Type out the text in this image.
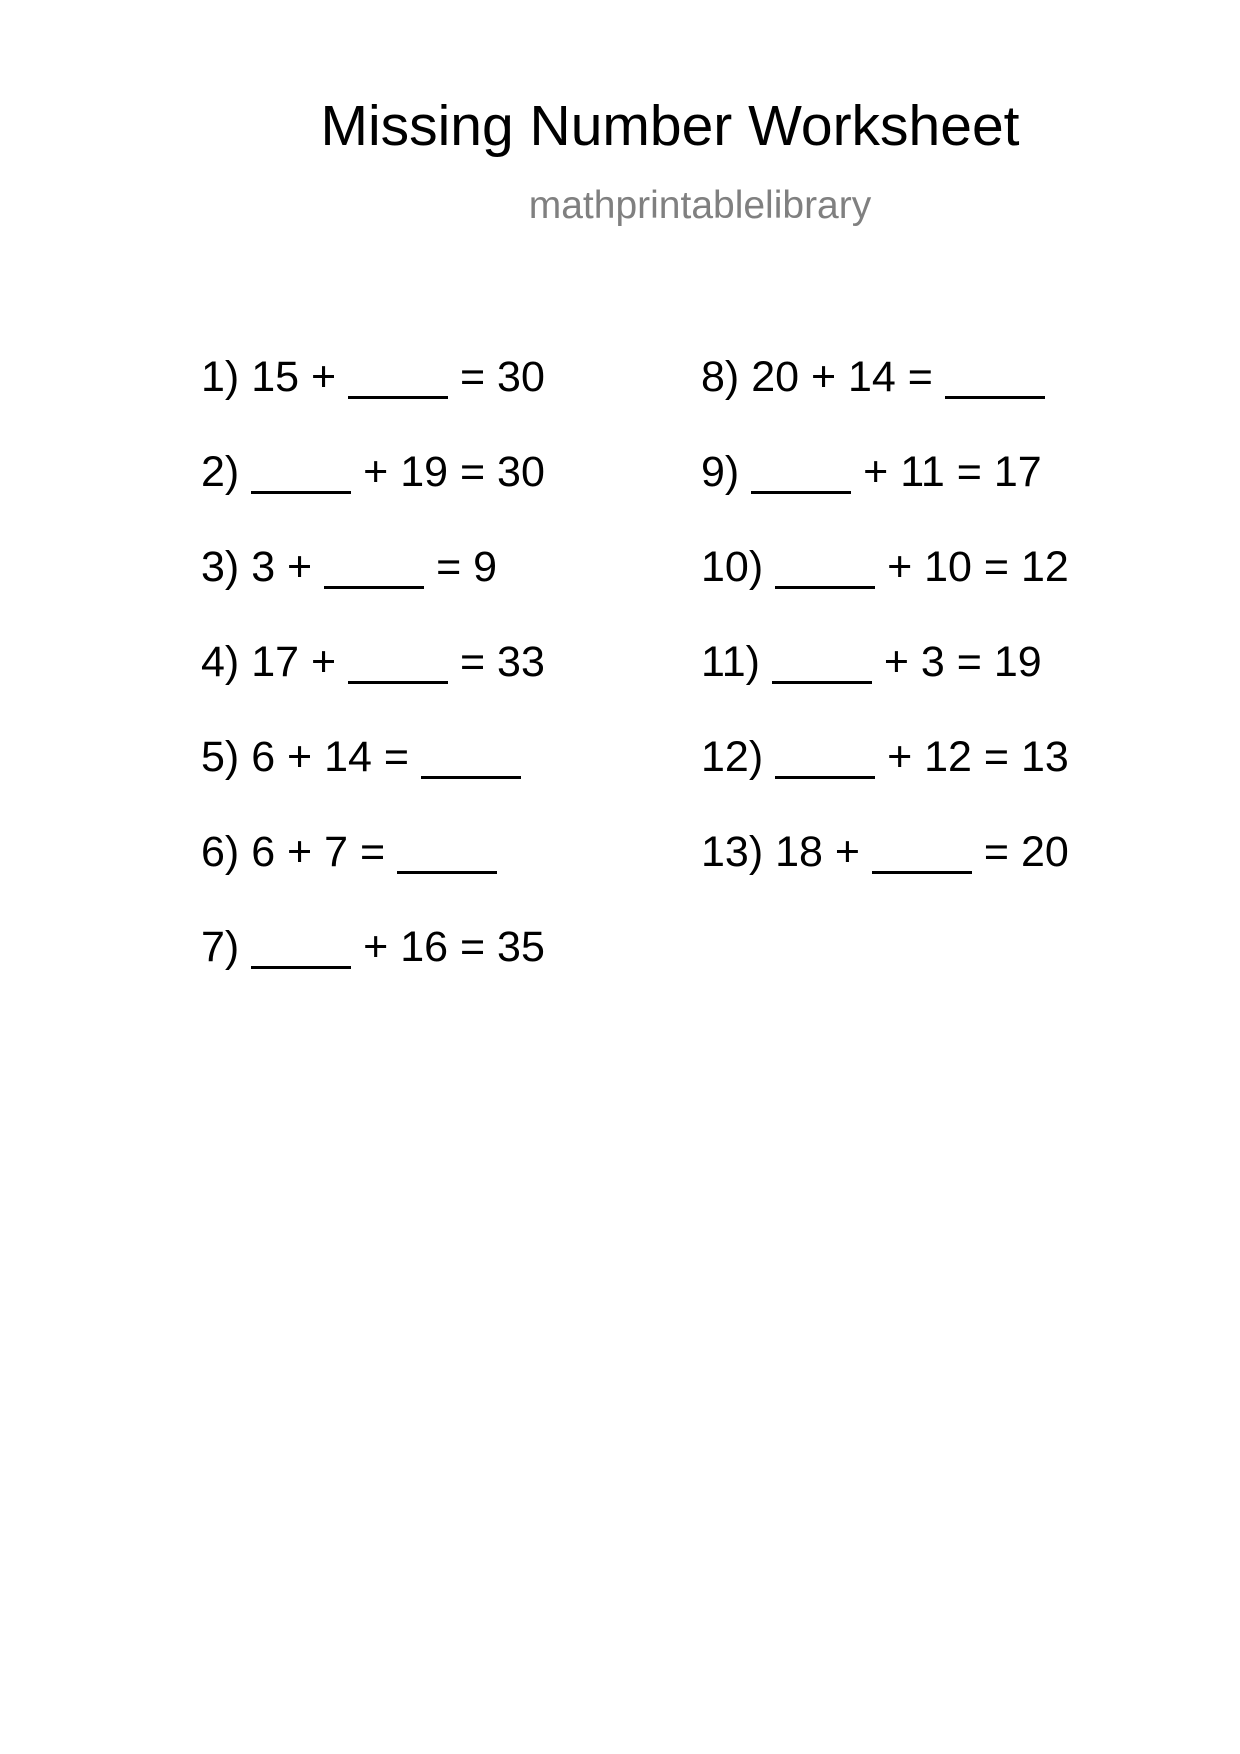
Missing Number Worksheet
mathprintablelibrary
1) 15 +	= 30
2)	+ 19 = 30
3) 3 +	= 9
4) 17 +	= 33
5) 6 + 14 =
6) 6 + 7 =
7)	+ 16 = 35
8) 20 + 14 =
9)	+ 11 = 17
10)	+ 10 = 12
11)	+ 3 = 19
12)	+ 12 = 13
13) 18 +	= 20
